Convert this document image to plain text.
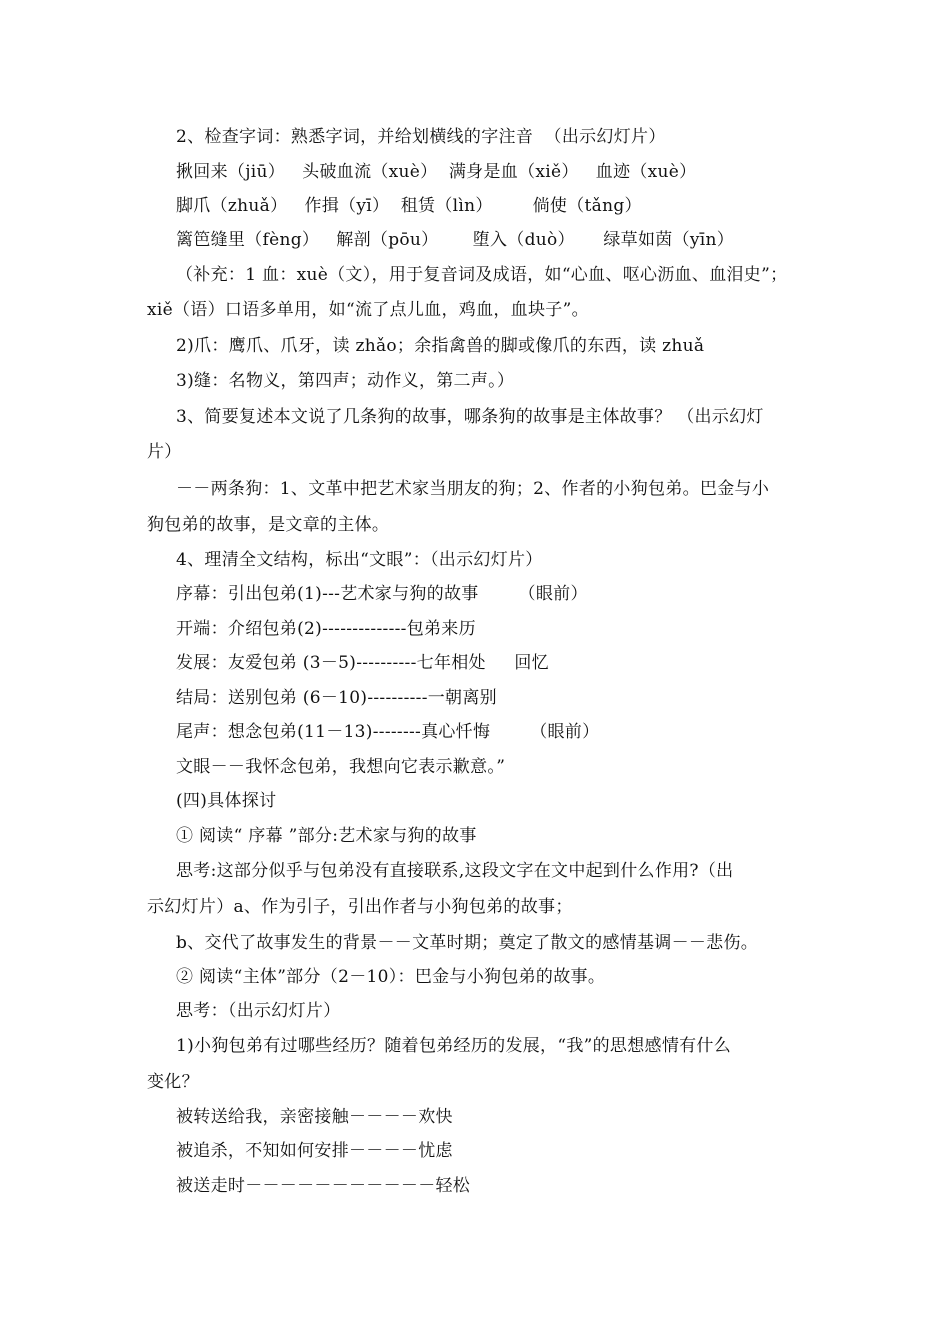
2、检查字词：熟悉字词，并给划横线的字注音  （出示幻灯片）
揪回来（jiū）   头破血流（xuè）  满身是血（xiě）   血迹（xuè）
脚爪（zhuǎ）   作揖（yī）  租赁（lìn）       倘使（tǎng）
篱笆缝里（fèng）   解剖（pōu）      堕入（duò）     绿草如茵（yīn）
（补充：1 血：xuè（文），用于复音词及成语，如“心血、呕心沥血、血泪史”；
xiě（语）口语多单用，如“流了点儿血，鸡血，血块子”。
2)爪：鹰爪、爪牙，读 zhǎo；余指禽兽的脚或像爪的东西，读 zhuǎ
3)缝：名物义，第四声；动作义，第二声。）
3、简要复述本文说了几条狗的故事，哪条狗的故事是主体故事？ （出示幻灯
片）
－－两条狗：1、文革中把艺术家当朋友的狗；2、作者的小狗包弟。巴金与小
狗包弟的故事，是文章的主体。
4、理清全文结构，标出“文眼”：（出示幻灯片）
序幕：引出包弟(1)---艺术家与狗的故事       （眼前）
开端：介绍包弟(2)--------------包弟来历
发展：友爱包弟 (3－5)----------七年相处     回忆
结局：送别包弟 (6－10)----------一朝离别
尾声：想念包弟(11－13)--------真心忏悔       （眼前）
文眼－－我怀念包弟，我想向它表示歉意。”
(四)具体探讨
① 阅读“ 序幕 ”部分:艺术家与狗的故事
思考:这部分似乎与包弟没有直接联系,这段文字在文中起到什么作用?（出
示幻灯片）a、作为引子，引出作者与小狗包弟的故事；
b、交代了故事发生的背景－－文革时期；奠定了散文的感情基调－－悲伤。
② 阅读“主体”部分（2－10）：巴金与小狗包弟的故事。
思考：（出示幻灯片）
1)小狗包弟有过哪些经历？随着包弟经历的发展，“我”的思想感情有什么
变化？
被转送给我，亲密接触－－－－欢快
被追杀，不知如何安排－－－－忧虑
被送走时－－－－－－－－－－－轻松
